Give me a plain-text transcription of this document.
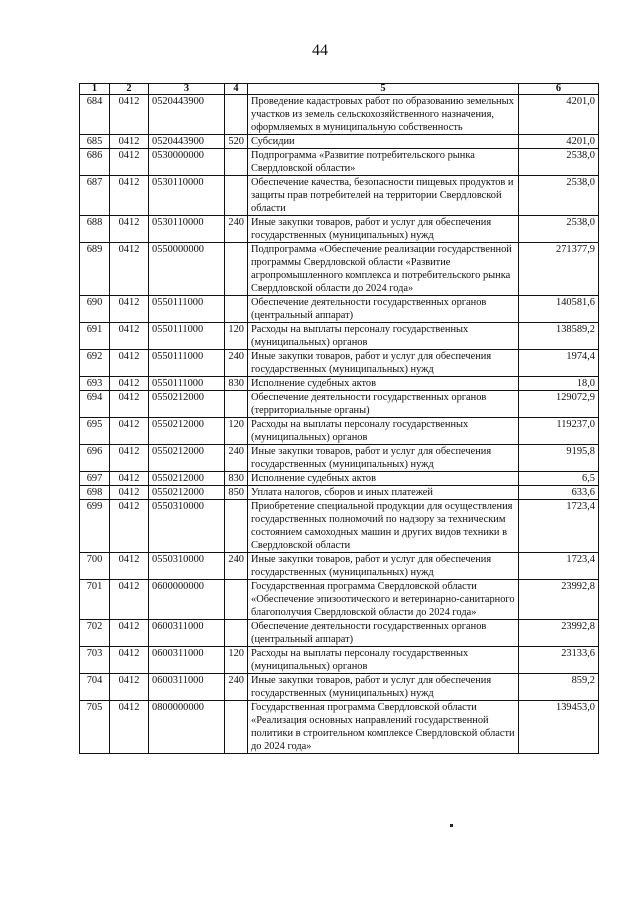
44
1	2	3	4	5	6
684	0412	0520443900		Проведение кадастровых работ по образованию земельных участков из земель сельскохозяйственного назначения, оформляемых в муниципальную собственность	4201,0
685	0412	0520443900	520	Субсидии	4201,0
686	0412	0530000000		Подпрограмма «Развитие потребительского рынка Свердловской области»	2538,0
687	0412	0530110000		Обеспечение качества, безопасности пищевых продуктов и защиты прав потребителей на территории Свердловской области	2538,0
688	0412	0530110000	240	Иные закупки товаров, работ и услуг для обеспечения государственных (муниципальных) нужд	2538,0
689	0412	0550000000		Подпрограмма «Обеспечение реализации государственной программы Свердловской области «Развитие агропромышленного комплекса и потребительского рынка Свердловской области до 2024 года»	271377,9
690	0412	0550111000		Обеспечение деятельности государственных органов (центральный аппарат)	140581,6
691	0412	0550111000	120	Расходы на выплаты персоналу государственных (муниципальных) органов	138589,2
692	0412	0550111000	240	Иные закупки товаров, работ и услуг для обеспечения государственных (муниципальных) нужд	1974,4
693	0412	0550111000	830	Исполнение судебных актов	18,0
694	0412	0550212000		Обеспечение деятельности государственных органов (территориальные органы)	129072,9
695	0412	0550212000	120	Расходы на выплаты персоналу государственных (муниципальных) органов	119237,0
696	0412	0550212000	240	Иные закупки товаров, работ и услуг для обеспечения государственных (муниципальных) нужд	9195,8
697	0412	0550212000	830	Исполнение судебных актов	6,5
698	0412	0550212000	850	Уплата налогов, сборов и иных платежей	633,6
699	0412	0550310000		Приобретение специальной продукции для осуществления государственных полномочий по надзору за техническим состоянием самоходных машин и других видов техники в Свердловской области	1723,4
700	0412	0550310000	240	Иные закупки товаров, работ и услуг для обеспечения государственных (муниципальных) нужд	1723,4
701	0412	0600000000		Государственная программа Свердловской области «Обеспечение эпизоотического и ветеринарно-санитарного благополучия Свердловской области до 2024 года»	23992,8
702	0412	0600311000		Обеспечение деятельности государственных органов (центральный аппарат)	23992,8
703	0412	0600311000	120	Расходы на выплаты персоналу государственных (муниципальных) органов	23133,6
704	0412	0600311000	240	Иные закупки товаров, работ и услуг для обеспечения государственных (муниципальных) нужд	859,2
705	0412	0800000000		Государственная программа Свердловской области «Реализация основных направлений государственной политики в строительном комплексе Свердловской области до 2024 года»	139453,0
